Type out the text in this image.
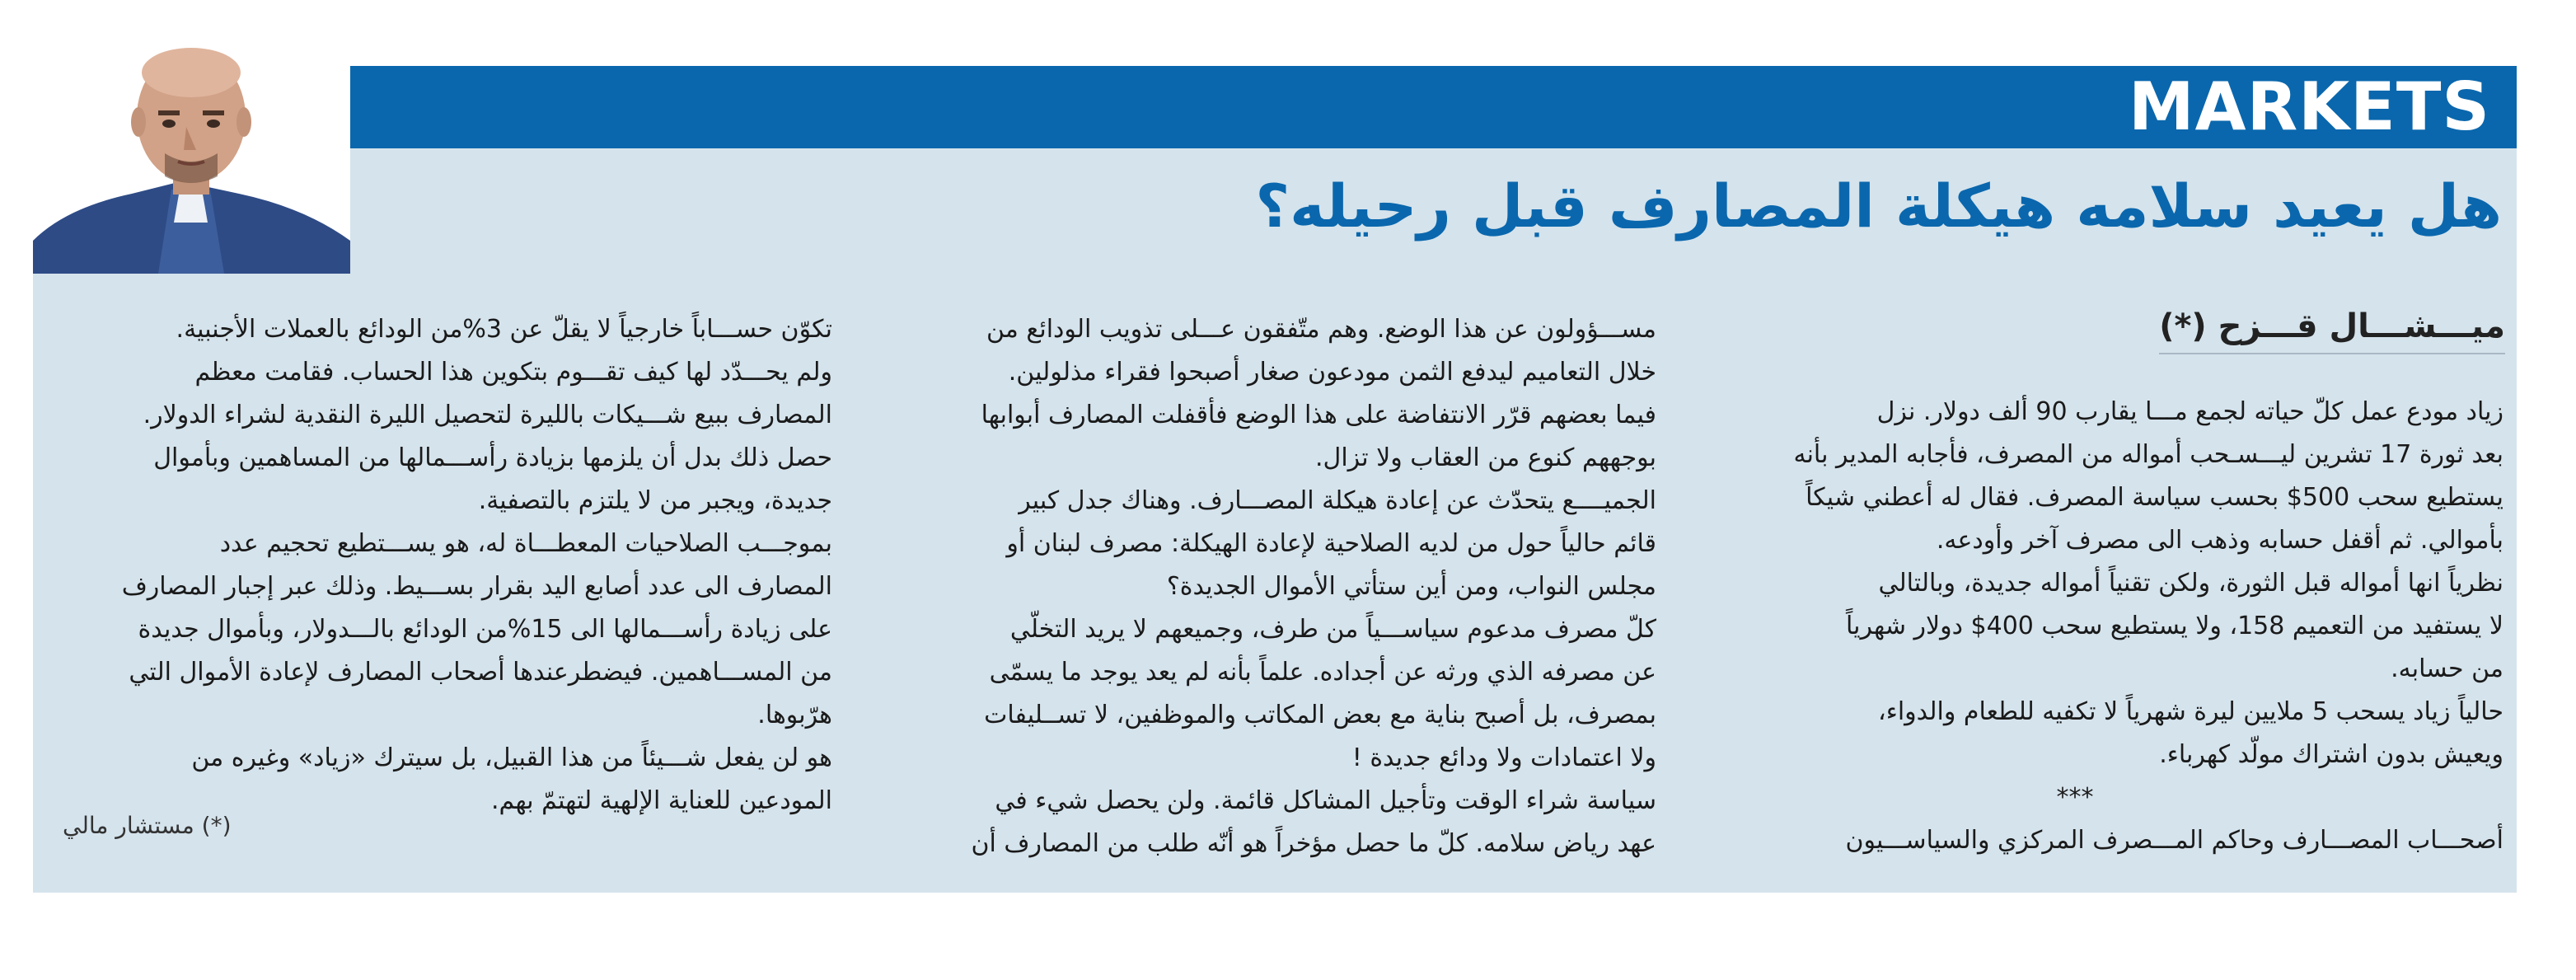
MARKETS
هل يعيد سلامه هيكلة المصارف قبل رحيله؟
ميـــشـــال قـــزح (*)
زياد مودع عمل كلّ حياته لجمع مـــا يقارب 90 ألف دولار. نزل
بعد ثورة 17 تشرين ليـــسـحب أمواله من المصرف، فأجابه المدير بأنه
يستطيع سحب 500$ بحسب سياسة المصرف. فقال له أعطني شيكاً
بأموالي. ثم أقفل حسابه وذهب الى مصرف آخر وأودعه.
نظرياً انها أمواله قبل الثورة، ولكن تقنياً أمواله جديدة، وبالتالي
لا يستفيد من التعميم 158، ولا يستطيع سحب 400$ دولار شهرياً
من حسابه.
حالياً زياد يسحب 5 ملايين ليرة شهرياً لا تكفيه للطعام والدواء،
ويعيش بدون اشتراك مولّد كهرباء.
***
أصحـــاب المصـــارف وحاكم المـــصرف المركزي والسياســـيون
مســـؤولون عن هذا الوضع. وهم متّفقون عـــلى تذويب الودائع من
خلال التعاميم ليدفع الثمن مودعون صغار أصبحوا فقراء مذلولين.
فيما بعضهم قرّر الانتفاضة على هذا الوضع فأقفلت المصارف أبوابها
بوجههم كنوع من العقاب ولا تزال.
الجميــــع يتحدّث عن إعادة هيكلة المصـــارف. وهناك جدل كبير
قائم حالياً حول من لديه الصلاحية لإعادة الهيكلة: مصرف لبنان أو
مجلس النواب، ومن أين ستأتي الأموال الجديدة؟
كلّ مصرف مدعوم سياســـياً من طرف، وجميعهم لا يريد التخلّي
عن مصرفه الذي ورثه عن أجداده. علماً بأنه لم يعد يوجد ما يسمّى
بمصرف، بل أصبح بناية مع بعض المكاتب والموظفين، لا تســليفات
ولا اعتمادات ولا ودائع جديدة !
سياسة شراء الوقت وتأجيل المشاكل قائمة. ولن يحصل شيء في
عهد رياض سلامه. كلّ ما حصل مؤخراً هو أنّه طلب من المصارف أن
تكوّن حســـاباً خارجياً لا يقلّ عن 3%من الودائع بالعملات الأجنبية.
ولم يحـــدّد لها كيف تقـــوم بتكوين هذا الحساب. فقامت معظم
المصارف ببيع شـــيكات بالليرة لتحصيل الليرة النقدية لشراء الدولار.
حصل ذلك بدل أن يلزمها بزيادة رأســـمالها من المساهمين وبأموال
جديدة، ويجبر من لا يلتزم بالتصفية.
بموجـــب الصلاحيات المعطـــاة له، هو يســـتطيع تحجيم عدد
المصارف الى عدد أصابع اليد بقرار بســـيط. وذلك عبر إجبار المصارف
على زيادة رأســـمالها الى 15%من الودائع بالـــدولار، وبأموال جديدة
من المســـاهمين. فيضطرعندها أصحاب المصارف لإعادة الأموال التي
هرّبوها.
هو لن يفعل شـــيئاً من هذا القبيل، بل سيترك «زياد» وغيره من
المودعين للعناية الإلهية لتهتمّ بهم.
(*) مستشار مالي
